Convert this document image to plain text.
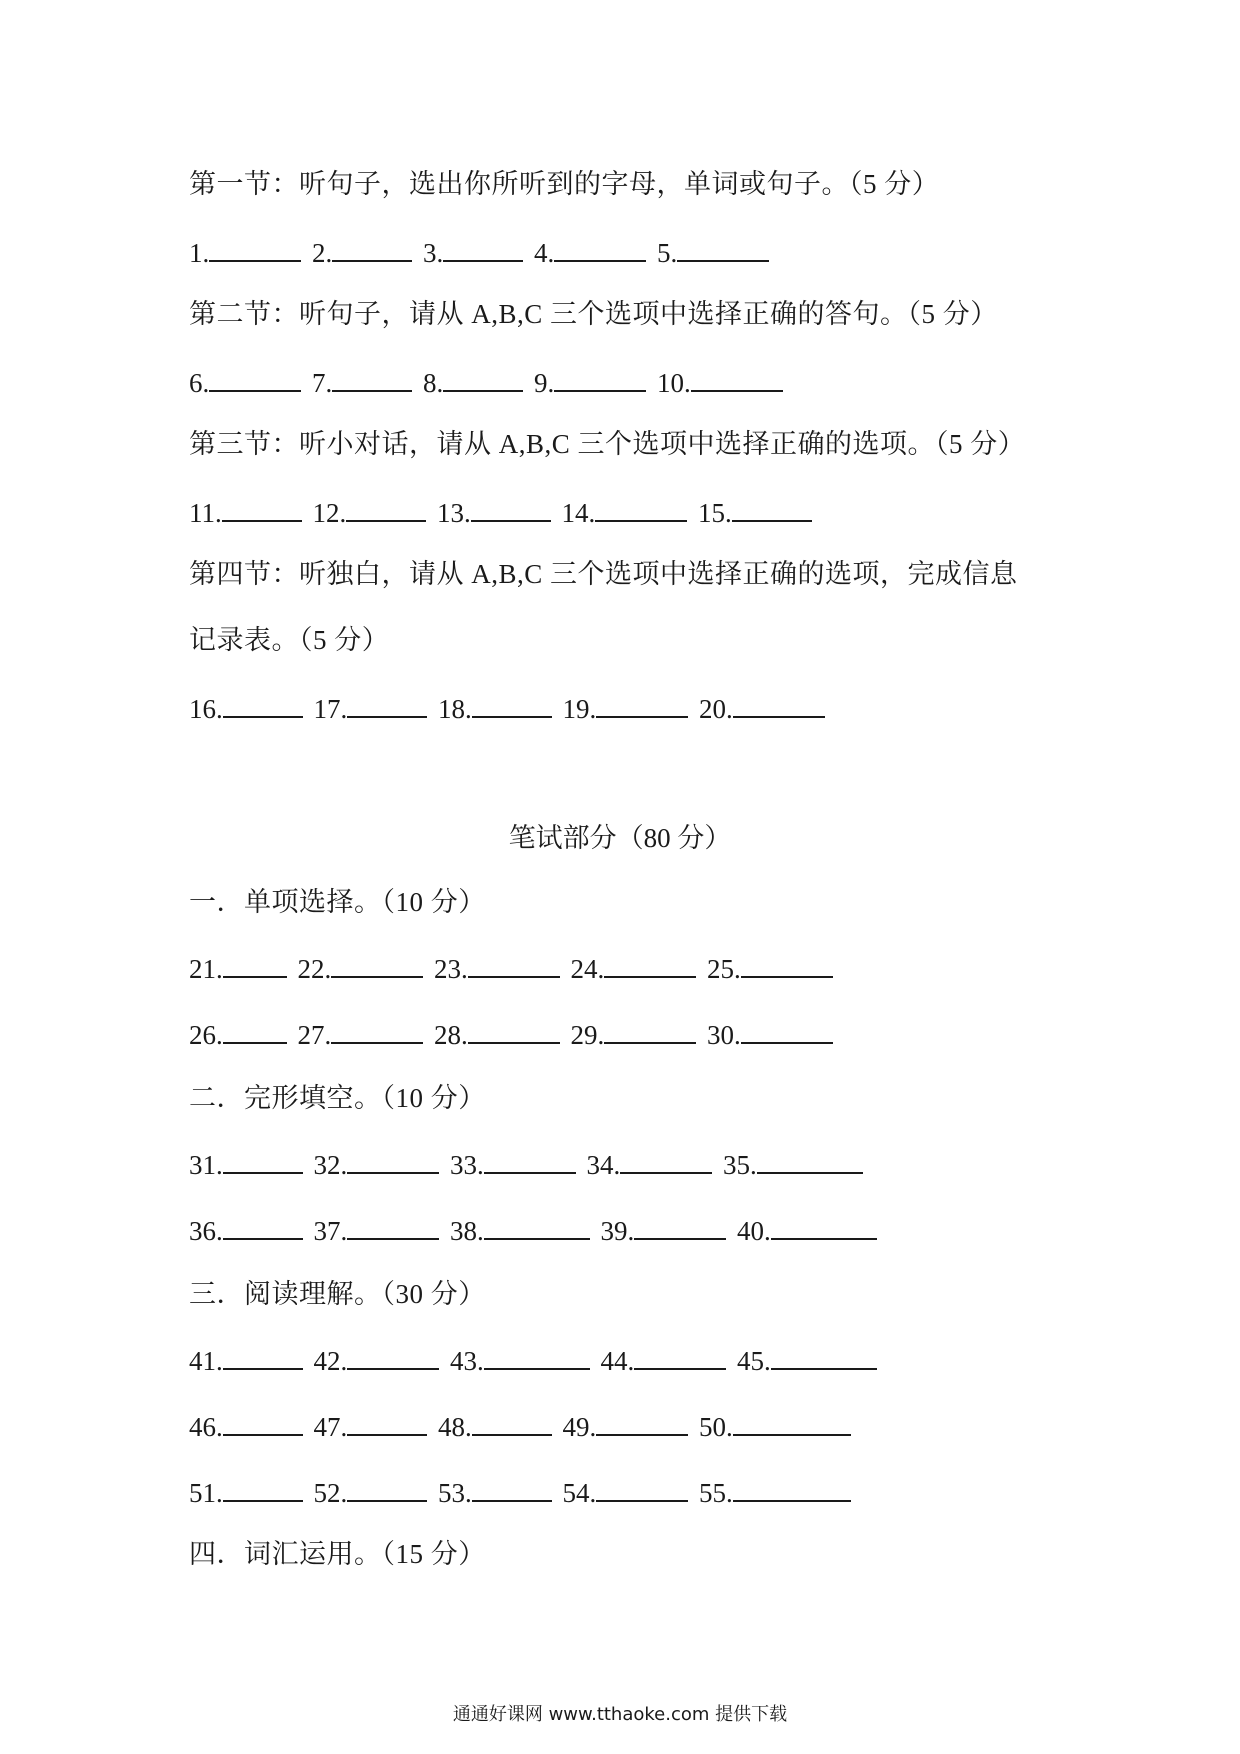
第一节：听句子，选出你所听到的字母，单词或句子。（5 分）
1.	2.	3.	4.	5.
第二节：听句子，请从 A,B,C 三个选项中选择正确的答句。（5 分）
6.	7.	8.	9.	10.
第三节：听小对话，请从 A,B,C 三个选项中选择正确的选项。（5 分）
11.	12.	13.	14.	15.
第四节：听独白，请从 A,B,C 三个选项中选择正确的选项，完成信息
记录表。（5 分）
16.	17.	18.	19.	20.
笔试部分（80 分）
一．单项选择。（10 分）
21.	22.	23.	24.	25.
26.	27.	28.	29.	30.
二．完形填空。（10 分）
31.	32.	33.	34.	35.
36.	37.	38.	39.	40.
三．阅读理解。（30 分）
41.	42.	43.	44.	45.
46.	47.	48.	49.	50.
51.	52.	53.	54.	55.
四．词汇运用。（15 分）
通通好课网 www.tthaoke.com 提供下载
